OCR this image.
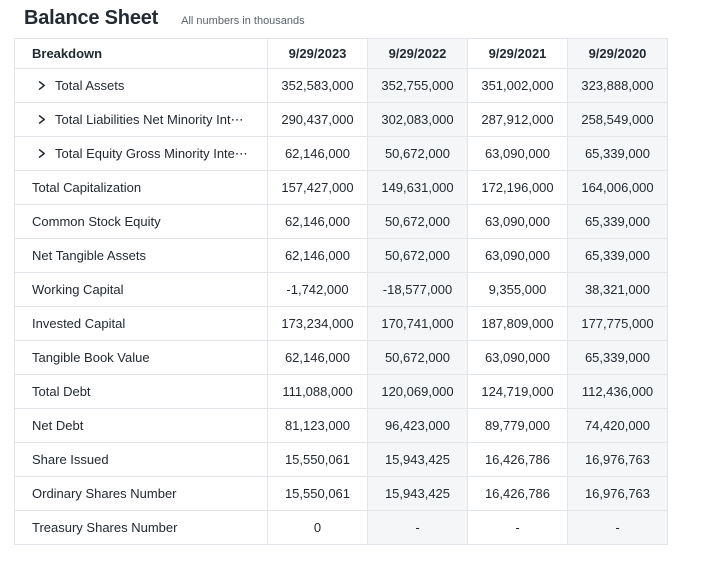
Balance Sheet All numbers in thousands
Breakdown	9/29/2023	9/29/2022	9/29/2021	9/29/2020

Total Assets	352,583,000	352,755,000	351,002,000	323,888,000

Total Liabilities Net Minority Int⋯	290,437,000	302,083,000	287,912,000	258,549,000

Total Equity Gross Minority Inte⋯	62,146,000	50,672,000	63,090,000	65,339,000
Total Capitalization	157,427,000	149,631,000	172,196,000	164,006,000
Common Stock Equity	62,146,000	50,672,000	63,090,000	65,339,000
Net Tangible Assets	62,146,000	50,672,000	63,090,000	65,339,000
Working Capital	-1,742,000	-18,577,000	9,355,000	38,321,000
Invested Capital	173,234,000	170,741,000	187,809,000	177,775,000
Tangible Book Value	62,146,000	50,672,000	63,090,000	65,339,000
Total Debt	111,088,000	120,069,000	124,719,000	112,436,000
Net Debt	81,123,000	96,423,000	89,779,000	74,420,000
Share Issued	15,550,061	15,943,425	16,426,786	16,976,763
Ordinary Shares Number	15,550,061	15,943,425	16,426,786	16,976,763
Treasury Shares Number	0	-	-	-
